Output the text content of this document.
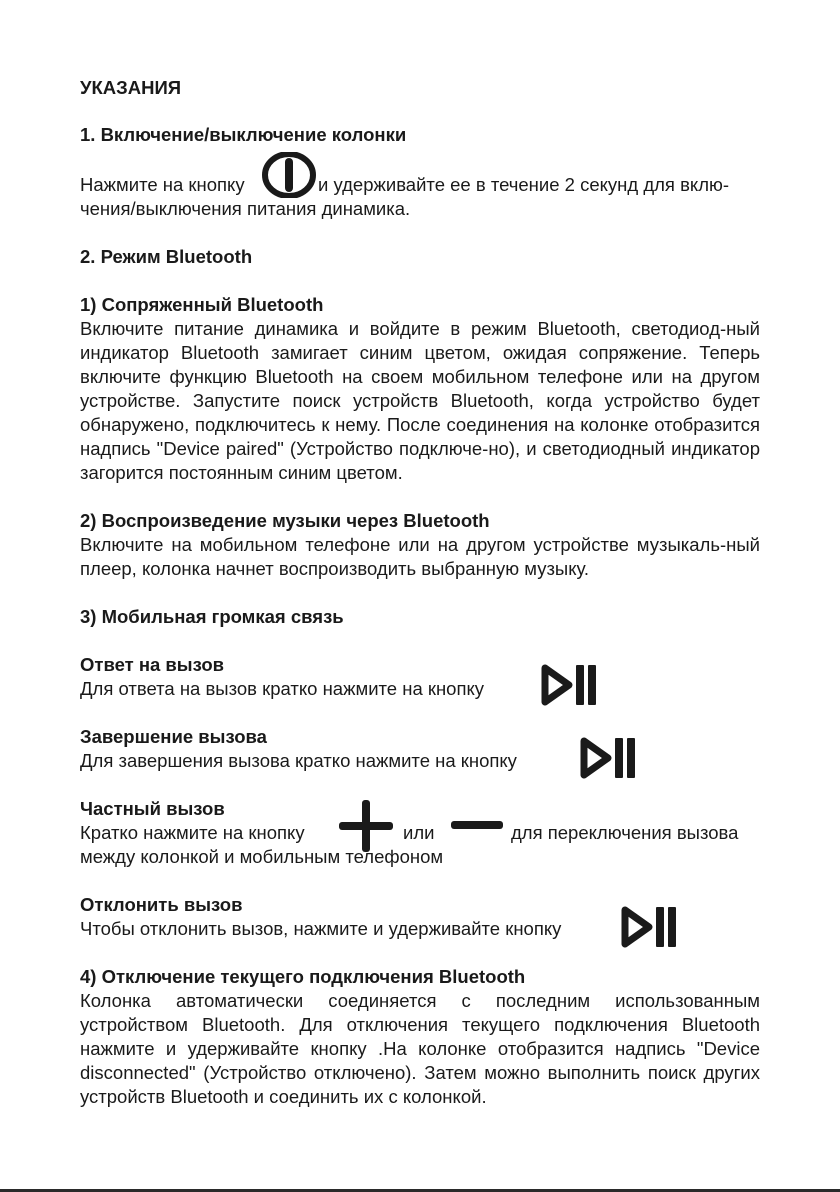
УКАЗАНИЯ
1. Включение/выключение колонки
Нажмите на кнопку	и удерживайте ее в течение 2 секунд для вклю-
чения/выключения питания динамика.
2. Режим Bluetooth
1) Сопряженный Bluetooth

Включите питание динамика и войдите в режим Bluetooth, светодиод-ный индикатор Bluetooth замигает синим цветом, ожидая сопряжение. Теперь включите функцию Bluetooth на своем мобильном телефоне или на другом устройстве. Запустите поиск устройств Bluetooth, когда устройство будет обнаружено, подключитесь к нему. После соединения на колонке отобразится надпись "Device paired" (Устройство подключе-но), и светодиодный индикатор загорится постоянным синим цветом.

2) Воспроизведение музыки через Bluetooth

Включите на мобильном телефоне или на другом устройстве музыкаль-ный плеер, колонка начнет воспроизводить выбранную музыку.

3) Мобильная громкая связь
Ответ на вызов
Для ответа на вызов кратко нажмите на кнопку
Завершение вызова
Для завершения вызова кратко нажмите на кнопку
Частный вызов
Кратко нажмите на кнопку	или	для переключения вызова
между колонкой и мобильным телефоном
Отклонить вызов
Чтобы отклонить вызов, нажмите и удерживайте кнопку
4) Отключение текущего подключения Bluetooth

Колонка автоматически соединяется с последним использованным устройством Bluetooth. Для отключения текущего подключения Bluetooth нажмите и удерживайте кнопку .На колонке отобразится надпись "Device disconnected" (Устройство отключено). Затем можно выполнить поиск других устройств Bluetooth и соединить их с колонкой.
